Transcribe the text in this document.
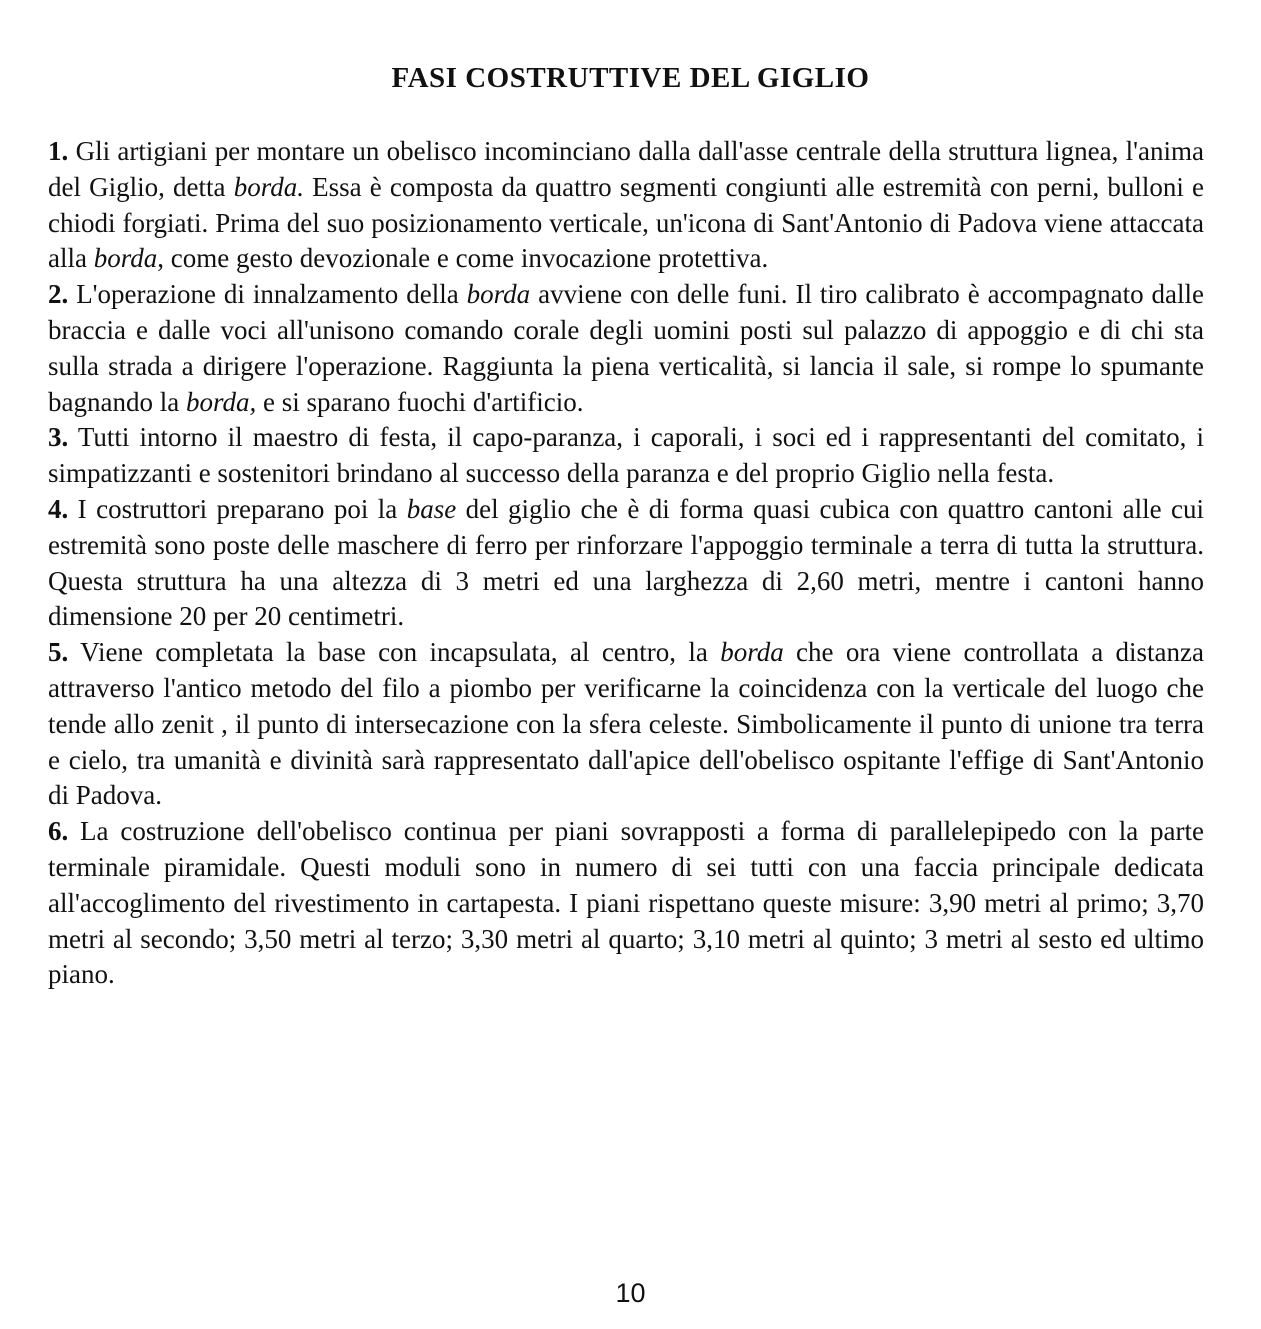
FASI COSTRUTTIVE DEL GIGLIO

1. Gli artigiani per montare un obelisco incominciano dalla dall'asse centrale della struttura lignea, l'anima del Giglio, detta borda. Essa è composta da quattro segmenti congiunti alle estremità con perni, bulloni e chiodi forgiati. Prima del suo posizionamento verticale, un'icona di Sant'Antonio di Padova viene attaccata alla borda, come gesto devozionale e come invocazione protettiva.

2. L'operazione di innalzamento della borda avviene con delle funi. Il tiro calibrato è accompagnato dalle braccia e dalle voci all'unisono comando corale degli uomini posti sul palazzo di appoggio e di chi sta sulla strada a dirigere l'operazione. Raggiunta la piena verticalità, si lancia il sale, si rompe lo spumante bagnando la borda, e si sparano fuochi d'artificio.

3. Tutti intorno il maestro di festa, il capo-paranza, i caporali, i soci ed i rappresentanti del comitato, i simpatizzanti e sostenitori brindano al successo della paranza e del proprio Giglio nella festa.

4. I costruttori preparano poi la base del giglio che è di forma quasi cubica con quattro cantoni alle cui estremità sono poste delle maschere di ferro per rinforzare l'appoggio terminale a terra di tutta la struttura. Questa struttura ha una altezza di 3 metri ed una larghezza di 2,60 metri, mentre i cantoni hanno dimensione 20 per 20 centimetri.

5. Viene completata la base con incapsulata, al centro, la borda che ora viene controllata a distanza attraverso l'antico metodo del filo a piombo per verificarne la coincidenza con la verticale del luogo che tende allo zenit , il punto di intersecazione con la sfera celeste. Simbolicamente il punto di unione tra terra e cielo, tra umanità e divinità sarà rappresentato dall'apice dell'obelisco ospitante l'effige di Sant'Antonio di Padova.

6. La costruzione dell'obelisco continua per piani sovrapposti a forma di parallelepipedo con la parte terminale piramidale. Questi moduli sono in numero di sei tutti con una faccia principale dedicata all'accoglimento del rivestimento in cartapesta. I piani rispettano queste misure: 3,90 metri al primo; 3,70 metri al secondo; 3,50 metri al terzo; 3,30 metri al quarto; 3,10 metri al quinto; 3 metri al sesto ed ultimo piano.

10
